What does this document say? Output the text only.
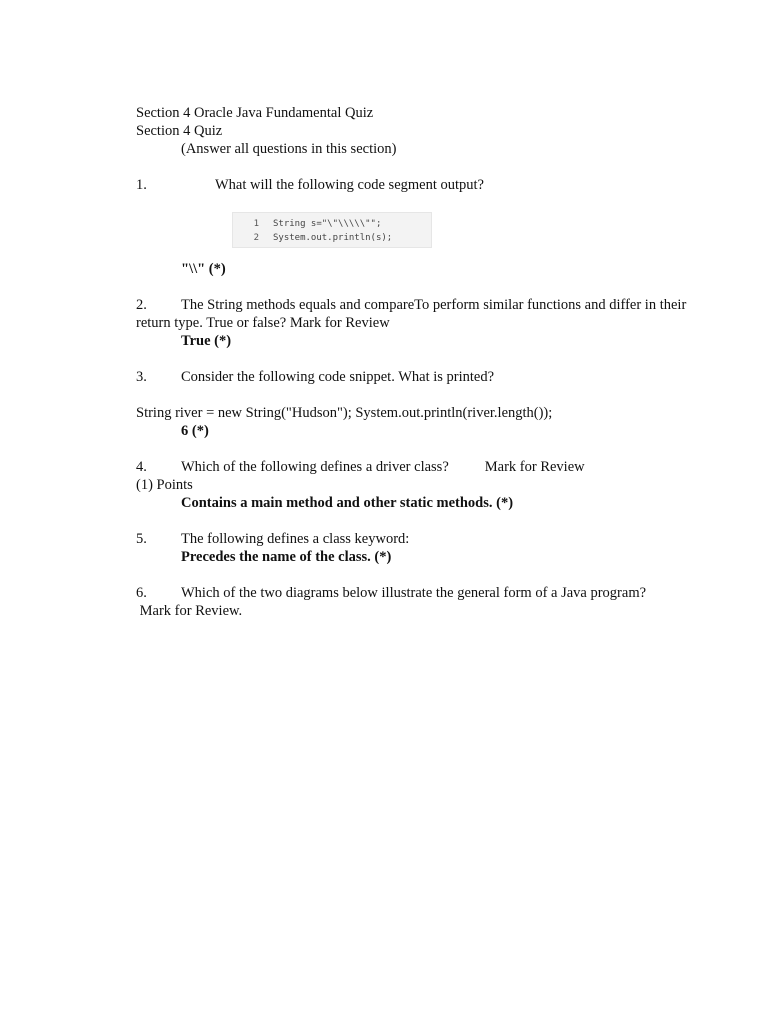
Section 4 Oracle Java Fundamental Quiz

Section 4 Quiz

(Answer all questions in this section)

1.	What will the following code segment output?

1	String s="\"\\\\\"";
2	System.out.println(s);

"\\" (*)

2. The String methods equals and compareTo perform similar functions and differ in their return type. True or false? Mark for Review

True (*)

3. Consider the following code snippet. What is printed?

String river = new String("Hudson"); System.out.println(river.length());

6 (*)

4. Which of the following defines a driver class? Mark for Review

(1) Points

Contains a main method and other static methods. (*)

5. The following defines a class keyword:

Precedes the name of the class. (*)

6. Which of the two diagrams below illustrate the general form of a Java program?

Mark for Review.
